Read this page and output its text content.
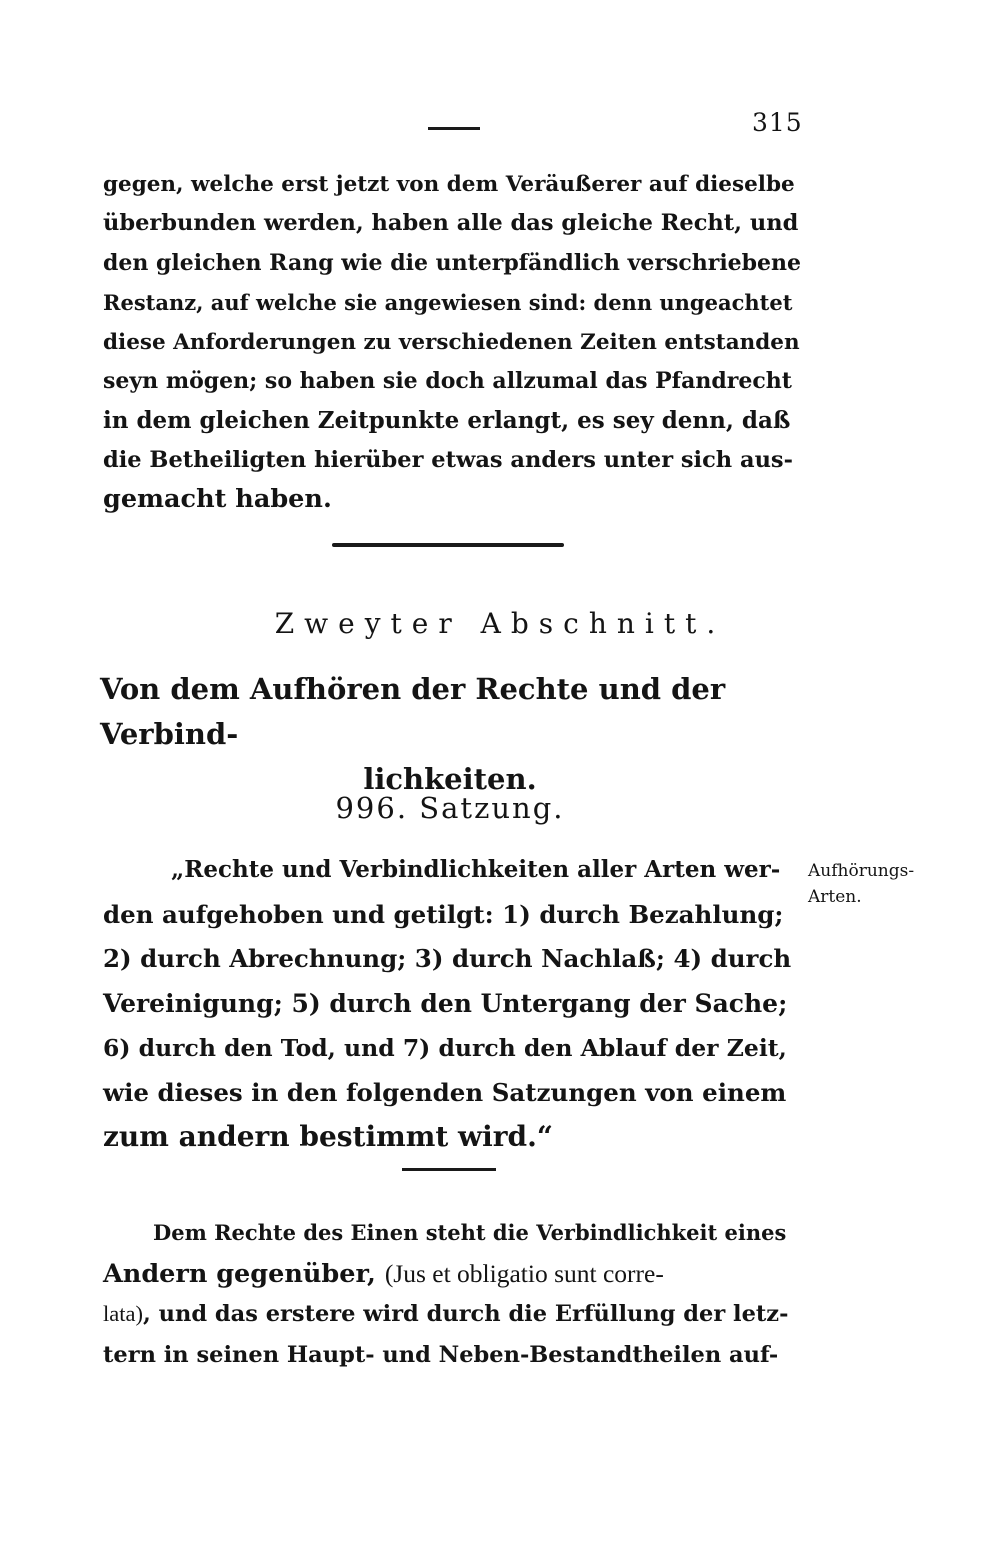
315
gegen, welche erst jetzt von dem Veräußerer auf dieselbe
überbunden werden, haben alle das gleiche Recht, und
den gleichen Rang wie die unterpfändlich verschriebene
Restanz, auf welche sie angewiesen sind: denn ungeachtet
diese Anforderungen zu verschiedenen Zeiten entstanden
seyn mögen; so haben sie doch allzumal das Pfandrecht
in dem gleichen Zeitpunkte erlangt, es sey denn, daß
die Betheiligten hierüber etwas anders unter sich aus-
gemacht haben.
Zweyter Abschnitt.
Von dem Aufhören der Rechte und der Verbind-
lichkeiten.
996. Satzung.
„Rechte und Verbindlichkeiten aller Arten wer-
den aufgehoben und getilgt: 1) durch Bezahlung;
2) durch Abrechnung; 3) durch Nachlaß; 4) durch
Vereinigung; 5) durch den Untergang der Sache;
6) durch den Tod, und 7) durch den Ablauf der Zeit,
wie dieses in den folgenden Satzungen von einem
zum andern bestimmt wird.“
Aufhörungs-
Arten.
Dem Rechte des Einen steht die Verbindlichkeit eines
Andern gegenüber, (Jus et obligatio sunt corre-
lata), und das erstere wird durch die Erfüllung der letz-
tern in seinen Haupt- und Neben-Bestandtheilen auf-
